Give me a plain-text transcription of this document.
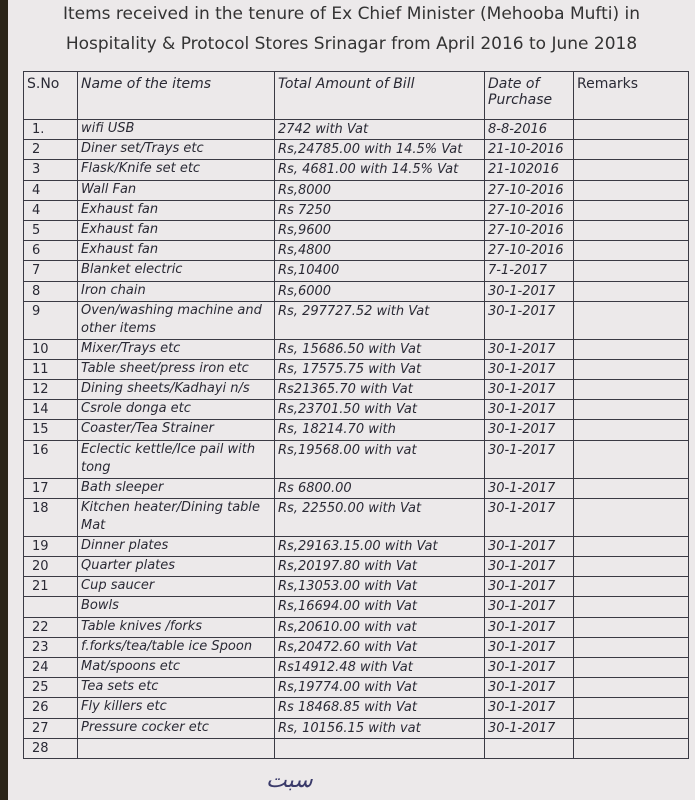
Items received in the tenure of Ex Chief Minister (Mehooba Mufti) in
Hospitality & Protocol Stores Srinagar from April 2016 to June 2018
S.No	Name of the items	Total Amount of Bill	Date of Purchase	Remarks
1.	wifi USB	2742 with Vat	8-8-2016	
2	Diner set/Trays etc	Rs,24785.00 with 14.5% Vat	21-10-2016	
3	Flask/Knife set etc	Rs, 4681.00 with 14.5% Vat	21-102016	
4	Wall Fan	Rs,8000	27-10-2016	
4	Exhaust fan	Rs 7250	27-10-2016	
5	Exhaust fan	Rs,9600	27-10-2016	
6	Exhaust fan	Rs,4800	27-10-2016	
7	Blanket electric	Rs,10400	7-1-2017	
8	Iron chain	Rs,6000	30-1-2017	
9	Oven/washing machine and other items	Rs, 297727.52 with Vat	30-1-2017	
10	Mixer/Trays etc	Rs, 15686.50 with Vat	30-1-2017	
11	Table sheet/press iron etc	Rs, 17575.75 with Vat	30-1-2017	
12	Dining sheets/Kadhayi n/s	Rs21365.70 with Vat	30-1-2017	
14	Csrole donga etc	Rs,23701.50 with Vat	30-1-2017	
15	Coaster/Tea Strainer	Rs, 18214.70 with	30-1-2017	
16	Eclectic kettle/Ice pail with tong	Rs,19568.00 with vat	30-1-2017	
17	Bath sleeper	Rs 6800.00	30-1-2017	
18	Kitchen heater/Dining table Mat	Rs, 22550.00 with Vat	30-1-2017	
19	Dinner plates	Rs,29163.15.00 with Vat	30-1-2017	
20	Quarter plates	Rs,20197.80 with Vat	30-1-2017	
21	Cup saucer	Rs,13053.00 with Vat	30-1-2017	
	Bowls	Rs,16694.00 with Vat	30-1-2017	
22	Table knives /forks	Rs,20610.00 with vat	30-1-2017	
23	f.forks/tea/table ice Spoon	Rs,20472.60 with Vat	30-1-2017	
24	Mat/spoons etc	Rs14912.48 with Vat	30-1-2017	
25	Tea sets etc	Rs,19774.00 with Vat	30-1-2017	
26	Fly killers etc	Rs 18468.85 with Vat	30-1-2017	
27	Pressure cocker etc	Rs, 10156.15 with vat	30-1-2017	
28				
ﺳﺒﺖ
